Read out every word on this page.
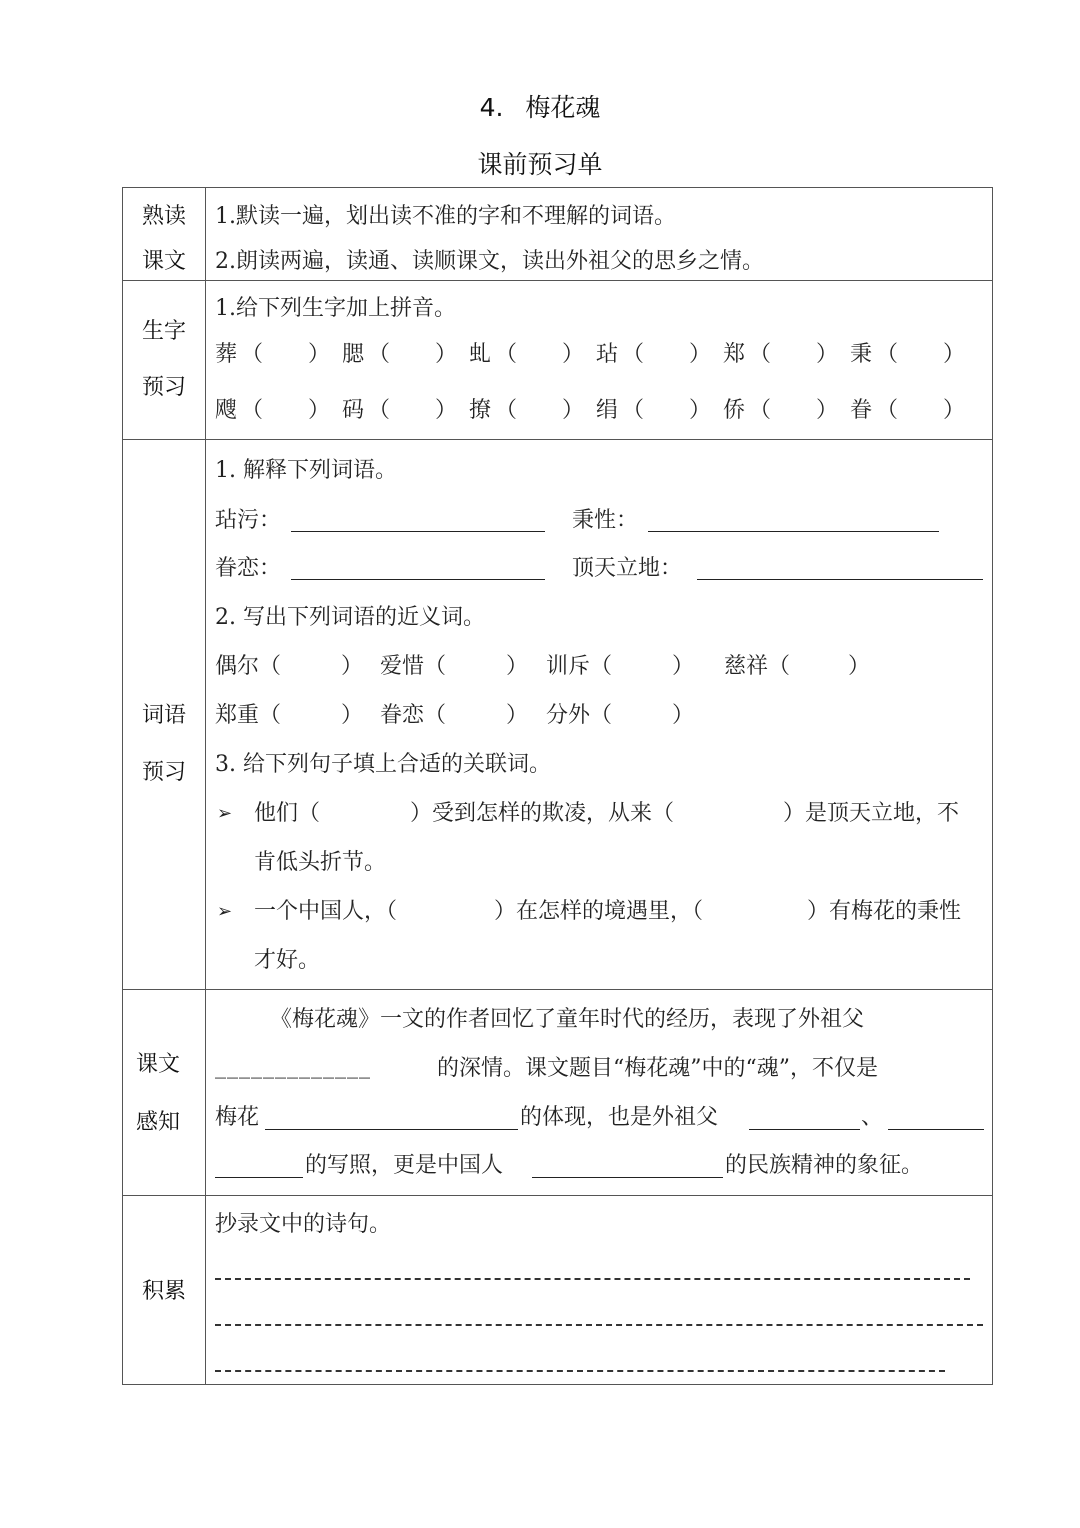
4. 梅花魂
课前预习单
熟读
课文
1.默读一遍，划出读不准的字和不理解的词语。
2.朗读两遍，读通、读顺课文，读出外祖父的思乡之情。
生字
预习
1.给下列生字加上拼音。
葬 （ ） 腮 （ ） 虬 （ ） 玷 （ ） 郑 （ ） 秉 （ ）
飕 （ ） 码 （ ） 撩 （ ） 绢 （ ） 侨 （ ） 眷 （ ）
词语
预习
1. 解释下列词语。
玷污：	秉性：
眷恋：	顶天立地：
2. 写出下列词语的近义词。
偶尔（	） 爱惜（	） 训斥（	） 慈祥（	）
郑重（	） 眷恋（	） 分外（	）
3. 给下列句子填上合适的关联词。
➢ 他们（	）受到怎样的欺凌，从来（	）是顶天立地，不
肯低头折节。
➢ 一个中国人，（	）在怎样的境遇里，（	）有梅花的秉性
才好。
课文
感知
《梅花魂》一文的作者回忆了童年时代的经历，表现了外祖父
_____________	的深情。课文题目“梅花魂”中的“魂”，不仅是
梅花	的体现，也是外祖父	、
的写照，更是中国人	的民族精神的象征。
积累
抄录文中的诗句。
